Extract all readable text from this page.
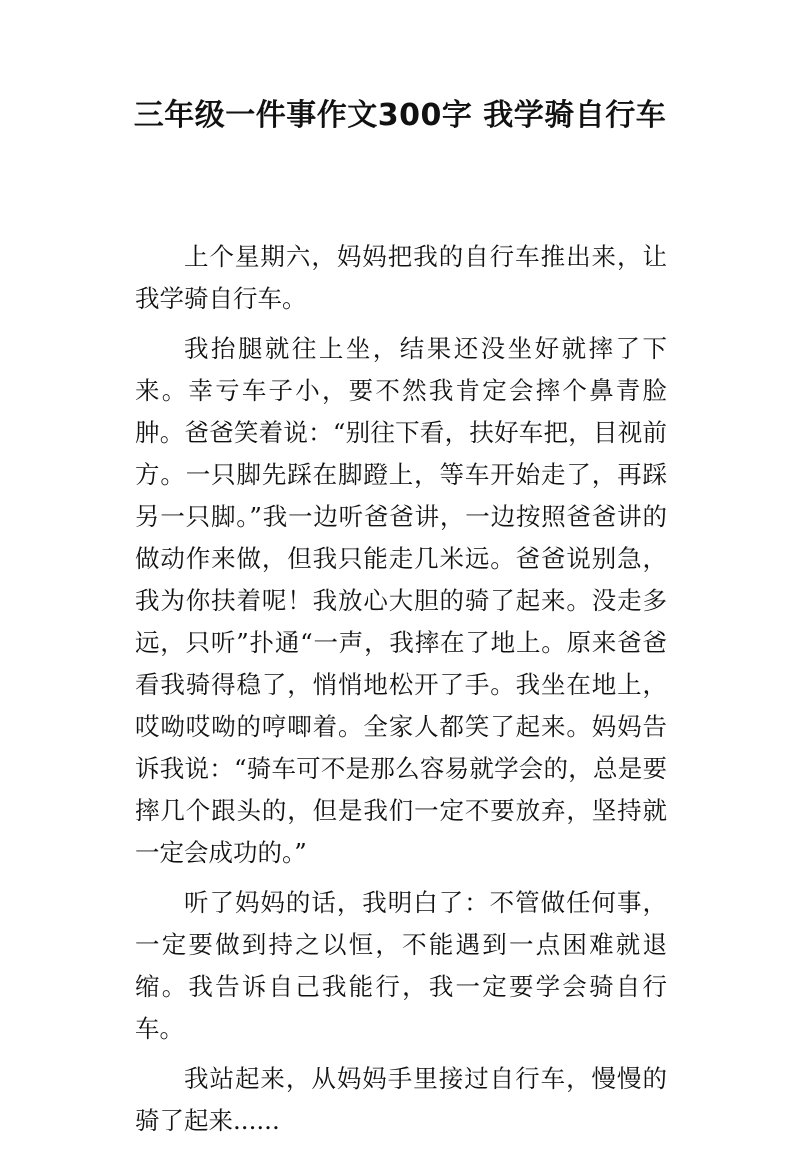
三年级一件事作文300字 我学骑自行车

上个星期六，妈妈把我的自行车推出来，让我学骑自行车。

我抬腿就往上坐，结果还没坐好就摔了下来。幸亏车子小，要不然我肯定会摔个鼻青脸肿。爸爸笑着说：“别往下看，扶好车把，目视前方。一只脚先踩在脚蹬上，等车开始走了，再踩另一只脚。”我一边听爸爸讲，一边按照爸爸讲的做动作来做，但我只能走几米远。爸爸说别急，我为你扶着呢！我放心大胆的骑了起来。没走多远，只听”扑通“一声，我摔在了地上。原来爸爸看我骑得稳了，悄悄地松开了手。我坐在地上，哎呦哎呦的哼唧着。全家人都笑了起来。妈妈告诉我说：“骑车可不是那么容易就学会的，总是要摔几个跟头的，但是我们一定不要放弃，坚持就一定会成功的。”

听了妈妈的话，我明白了：不管做任何事，一定要做到持之以恒，不能遇到一点困难就退缩。我告诉自己我能行，我一定要学会骑自行车。

我站起来，从妈妈手里接过自行车，慢慢的骑了起来......
